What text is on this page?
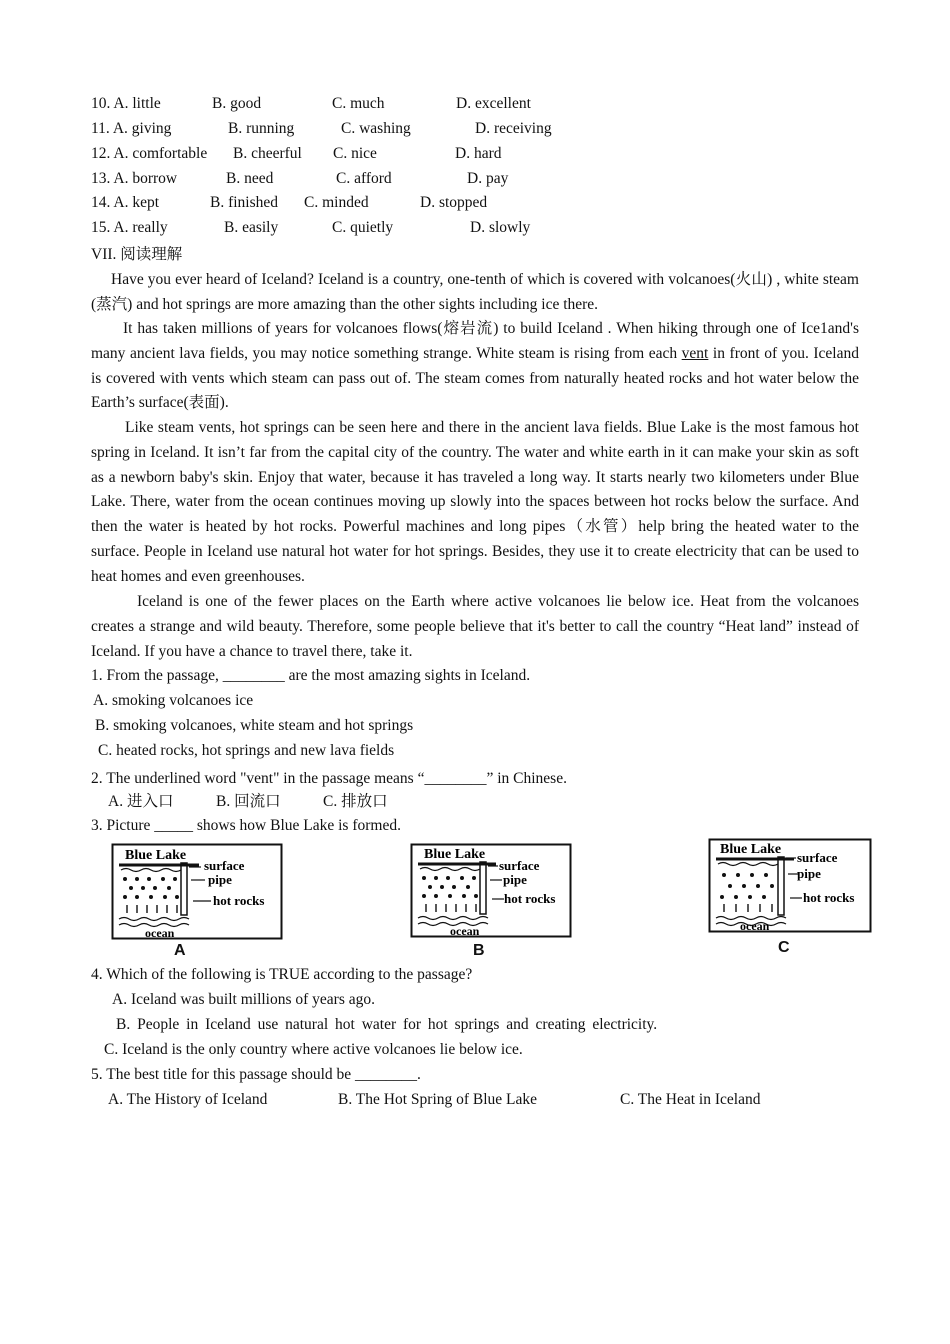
10. A. little	B. good	C. much	D. excellent
11. A. giving	B. running	C. washing	D. receiving
12. A. comfortable B. cheerful C. nice	D. hard
13. A. borrow	B. need	C. afford	D. pay
14. A. kept	B. finished C. minded	D. stopped
15. A. really	B. easily	C. quietly	D. slowly
VII. 阅读理解
Have you ever heard of Iceland? Iceland is a country, one-tenth of which is covered with volcanoes(火山) , white steam (蒸汽) and hot springs are more amazing than the other sights including ice there.
It has taken millions of years for volcanoes flows(熔岩流) to build Iceland . When hiking through one of Ice1and's many ancient lava fields, you may notice something strange. White steam is rising from each vent in front of you. Iceland is covered with vents which steam can pass out of. The steam comes from naturally heated rocks and hot water below the Earth’s surface(表面).
Like steam vents, hot springs can be seen here and there in the ancient lava fields. Blue Lake is the most famous hot spring in Iceland. It isn’t far from the capital city of the country. The water and white earth in it can make your skin as soft as a newborn baby's skin. Enjoy that water, because it has traveled a long way. It starts nearly two kilometers under Blue Lake. There, water from the ocean continues moving up slowly into the spaces between hot rocks below the surface. And then the water is heated by hot rocks. Powerful machines and long pipes（水管）help bring the heated water to the surface. People in Iceland use natural hot water for hot springs. Besides, they use it to create electricity that can be used to heat homes and even greenhouses.
Iceland is one of the fewer places on the Earth where active volcanoes lie below ice. Heat from the volcanoes creates a strange and wild beauty. Therefore, some people believe that it's better to call the country “Heat land” instead of Iceland. If you have a chance to travel there, take it.
1. From the passage, ________ are the most amazing sights in Iceland.
A. smoking volcanoes ice
B. smoking volcanoes, white steam and hot springs
C. heated rocks, hot springs and new lava fields
2. The underlined word "vent" in the passage means “________” in Chinese.
A. 进入口	B. 回流口	C. 排放口
3. Picture _____ shows how Blue Lake is formed.
Blue Lake
surface
pipe
hot rocks
ocean
A
Blue Lake
surface
pipe
hot rocks
ocean
B
Blue Lake
surface
pipe
hot rocks
ocean
C
4. Which of the following is TRUE according to the passage?
A. Iceland was built millions of years ago.
B. People in Iceland use natural hot water for hot springs and creating electricity.
C. Iceland is the only country where active volcanoes lie below ice.
5. The best title for this passage should be ________.
A. The History of Iceland	B. The Hot Spring of Blue Lake	C. The Heat in Iceland
